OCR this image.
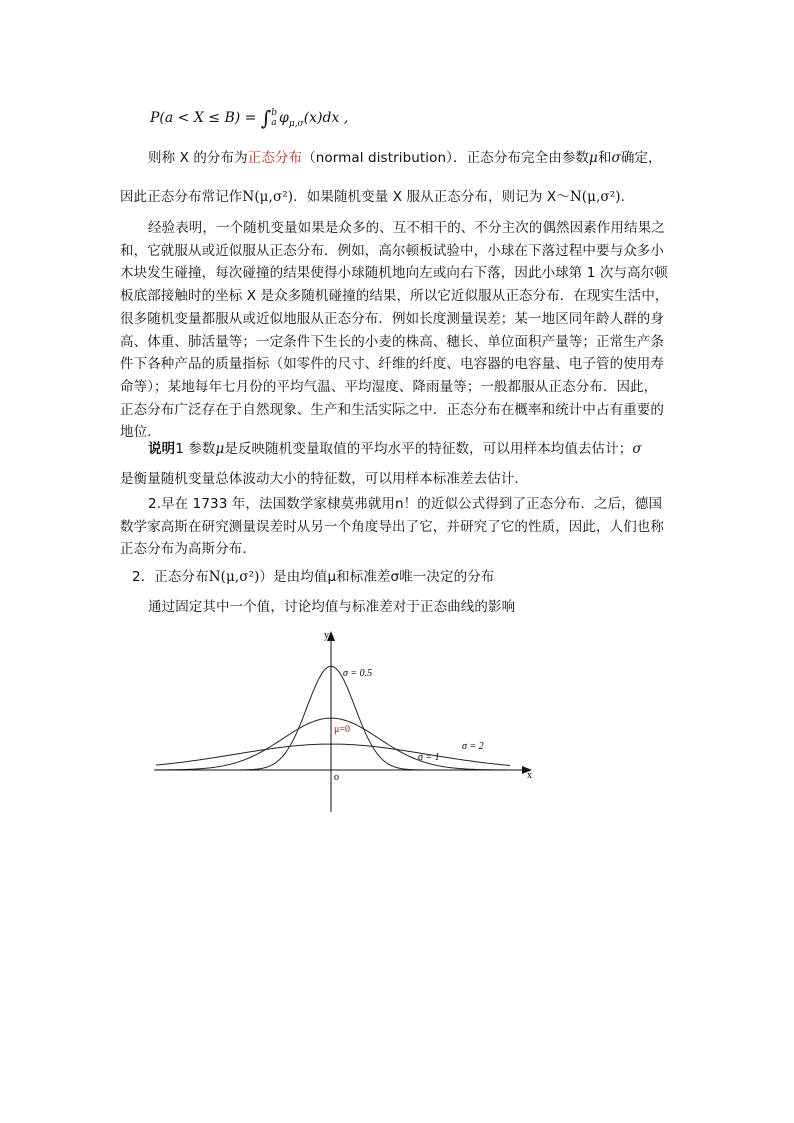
P(a < X ≤ B) = ∫ b
a $\varphi_{\mu,\sigma}(x)dx$ ,
则称 X 的分布为正态分布（normal distribution）．正态分布完全由参数μ和σ确定，
因此正态分布常记作N(μ,σ²)．如果随机变量 X 服从正态分布，则记为 X～N(μ,σ²).
经验表明，一个随机变量如果是众多的、互不相干的、不分主次的偶然因素作用结果之
和，它就服从或近似服从正态分布．例如，高尔顿板试验中，小球在下落过程中要与众多小
木块发生碰撞，每次碰撞的结果使得小球随机地向左或向右下落，因此小球第 1 次与高尔顿
板底部接触时的坐标 X 是众多随机碰撞的结果，所以它近似服从正态分布．在现实生活中，
很多随机变量都服从或近似地服从正态分布．例如长度测量误差；某一地区同年龄人群的身
高、体重、肺活量等；一定条件下生长的小麦的株高、穗长、单位面积产量等；正常生产条
件下各种产品的质量指标（如零件的尺寸、纤维的纤度、电容器的电容量、电子管的使用寿
命等）；某地每年七月份的平均气温、平均湿度、降雨量等；一般都服从正态分布．因此，
正态分布广泛存在于自然现象、生产和生活实际之中．正态分布在概率和统计中占有重要的
地位．
说明1 参数μ是反映随机变量取值的平均水平的特征数，可以用样本均值去估计；σ
是衡量随机变量总体波动大小的特征数，可以用样本标准差去估计．
2.早在 1733 年，法国数学家棣莫弗就用n！的近似公式得到了正态分布．之后，德国
数学家高斯在研究测量误差时从另一个角度导出了它，并研究了它的性质，因此，人们也称
正态分布为高斯分布．
2．正态分布N(μ,σ²)）是由均值μ和标准差σ唯一决定的分布
通过固定其中一个值，讨论均值与标准差对于正态曲线的影响
y
x
o
μ=0
σ = 0.5
σ = 1
σ = 2
